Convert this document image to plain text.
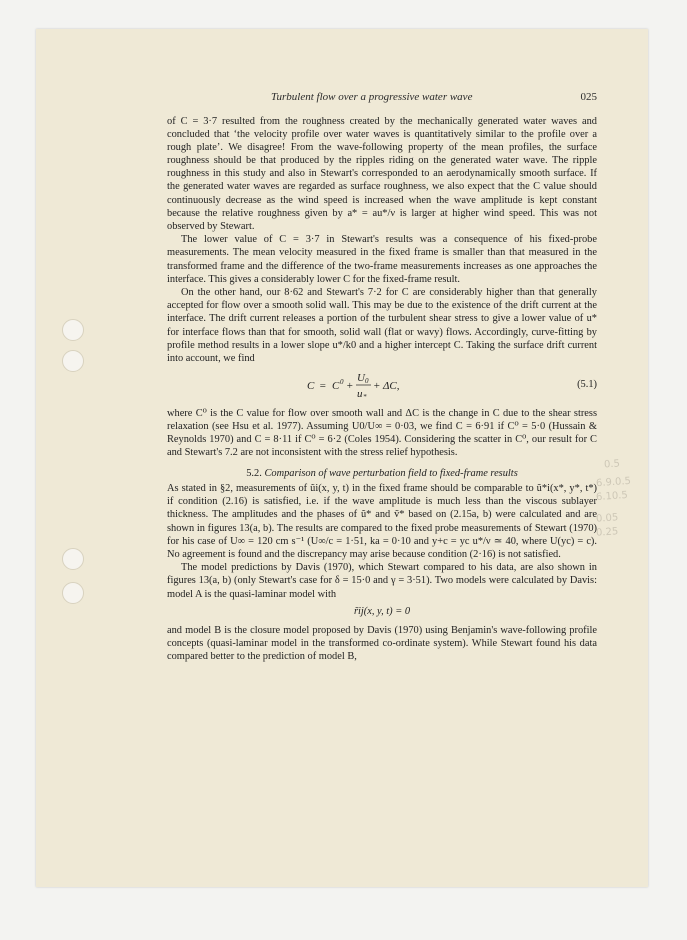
0.5
6.9.0.5
6.10.5
0.05
0.25
Turbulent flow over a progressive water wave	025

of C = 3·7 resulted from the roughness created by the mechanically generated water waves and concluded that ‘the velocity profile over water waves is quantitatively similar to the profile over a rough plate’. We disagree! From the wave-following property of the mean profiles, the surface roughness should be that produced by the ripples riding on the generated water wave. The ripple roughness in this study and also in Stewart's corresponded to an aerodynamically smooth surface. If the generated water waves are regarded as surface roughness, we also expect that the C value should continuously decrease as the wind speed is increased when the wave amplitude is kept constant because the relative roughness given by a* = au*/ν is larger at higher wind speed. This was not observed by Stewart.

The lower value of C = 3·7 in Stewart's results was a consequence of his fixed-probe measurements. The mean velocity measured in the fixed frame is smaller than that measured in the transformed frame and the difference of the two-frame measurements increases as one approaches the interface. This gives a considerably lower C for the fixed-frame result.

On the other hand, our 8·62 and Stewart's 7·2 for C are considerably higher than that generally accepted for flow over a smooth solid wall. This may be due to the existence of the drift current at the interface. The drift current releases a portion of the turbulent shear stress to give a lower value of u* for interface flows than that for smooth, solid wall (flat or wavy) flows. Accordingly, curve-fitting by profile method results in a lower slope u*/k0 and a higher intercept C. Taking the surface drift current into account, we find

C = C 0 +
U 0
u *
+ ΔC,	(5.1)

where C⁰ is the C value for flow over smooth wall and ΔC is the change in C due to the shear stress relaxation (see Hsu et al. 1977). Assuming U0/U∞ = 0·03, we find C = 6·91 if C⁰ = 5·0 (Hussain & Reynolds 1970) and C = 8·11 if C⁰ = 6·2 (Coles 1954). Considering the scatter in C⁰, our result for C and Stewart's 7.2 are not inconsistent with the stress relief hypothesis.

5.2. Comparison of wave perturbation field to fixed-frame results

As stated in §2, measurements of ũi(x, y, t) in the fixed frame should be comparable to ũ*i(x*, y*, t*) if condition (2.16) is satisfied, i.e. if the wave amplitude is much less than the viscous sublayer thickness. The amplitudes and the phases of ũ* and ṽ* based on (2.15a, b) were calculated and are shown in figures 13(a, b). The results are compared to the fixed probe measurements of Stewart (1970) for his case of U∞ = 120 cm s⁻¹ (U∞/c = 1·51, ka = 0·10 and y+c = yc u*/ν ≃ 40, where U(yc) = c). No agreement is found and the discrepancy may arise because condition (2·16) is not satisfied.

The model predictions by Davis (1970), which Stewart compared to his data, are also shown in figures 13(a, b) (only Stewart's case for δ = 15·0 and γ = 3·51). Two models were calculated by Davis: model A is the quasi-laminar model with

r̃ij(x, y, t) = 0

and model B is the closure model proposed by Davis (1970) using Benjamin's wave-following profile concepts (quasi-laminar model in the transformed co-ordinate system). While Stewart found his data compared better to the prediction of model B,
